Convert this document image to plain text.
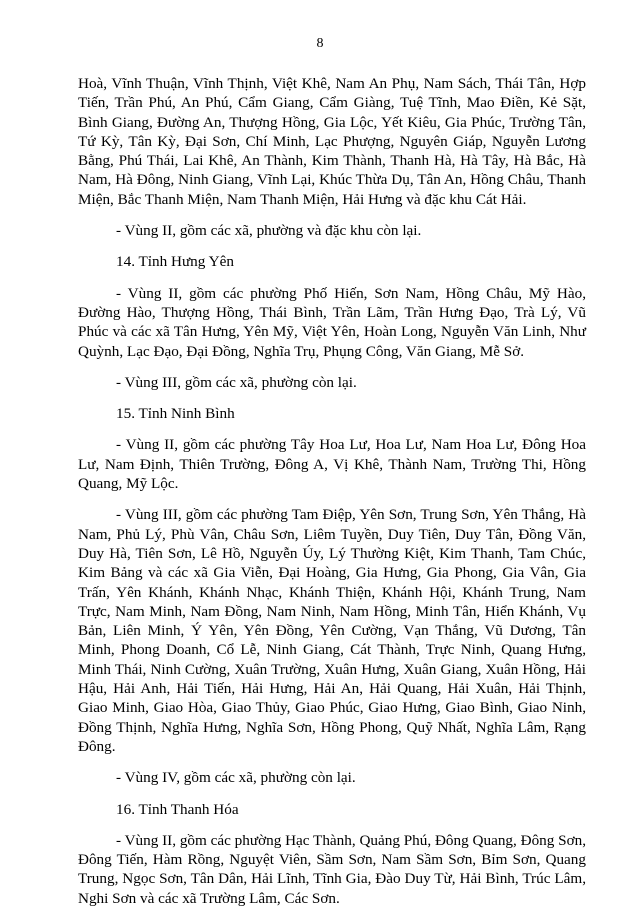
8

Hoà, Vĩnh Thuận, Vĩnh Thịnh, Việt Khê, Nam An Phụ, Nam Sách, Thái Tân, Hợp Tiến, Trần Phú, An Phú, Cẩm Giang, Cẩm Giàng, Tuệ Tĩnh, Mao Điền, Kẻ Sặt, Bình Giang, Đường An, Thượng Hồng, Gia Lộc, Yết Kiêu, Gia Phúc, Trường Tân, Tứ Kỳ, Tân Kỳ, Đại Sơn, Chí Minh, Lạc Phượng, Nguyên Giáp, Nguyễn Lương Bằng, Phú Thái, Lai Khê, An Thành, Kim Thành, Thanh Hà, Hà Tây, Hà Bắc, Hà Nam, Hà Đông, Ninh Giang, Vĩnh Lại, Khúc Thừa Dụ, Tân An, Hồng Châu, Thanh Miện, Bắc Thanh Miện, Nam Thanh Miện, Hải Hưng và đặc khu Cát Hải.

- Vùng II, gồm các xã, phường và đặc khu còn lại.

14. Tỉnh Hưng Yên

- Vùng II, gồm các phường Phố Hiến, Sơn Nam, Hồng Châu, Mỹ Hào, Đường Hào, Thượng Hồng, Thái Bình, Trần Lãm, Trần Hưng Đạo, Trà Lý, Vũ Phúc và các xã Tân Hưng, Yên Mỹ, Việt Yên, Hoàn Long, Nguyễn Văn Linh, Như Quỳnh, Lạc Đạo, Đại Đồng, Nghĩa Trụ, Phụng Công, Văn Giang, Mễ Sở.

- Vùng III, gồm các xã, phường còn lại.

15. Tỉnh Ninh Bình

- Vùng II, gồm các phường Tây Hoa Lư, Hoa Lư, Nam Hoa Lư, Đông Hoa Lư, Nam Định, Thiên Trường, Đông A, Vị Khê, Thành Nam, Trường Thi, Hồng Quang, Mỹ Lộc.

- Vùng III, gồm các phường Tam Điệp, Yên Sơn, Trung Sơn, Yên Thắng, Hà Nam, Phủ Lý, Phù Vân, Châu Sơn, Liêm Tuyền, Duy Tiên, Duy Tân, Đồng Văn, Duy Hà, Tiên Sơn, Lê Hồ, Nguyễn Úy, Lý Thường Kiệt, Kim Thanh, Tam Chúc, Kim Bảng và các xã Gia Viễn, Đại Hoàng, Gia Hưng, Gia Phong, Gia Vân, Gia Trấn, Yên Khánh, Khánh Nhạc, Khánh Thiện, Khánh Hội, Khánh Trung, Nam Trực, Nam Minh, Nam Đồng, Nam Ninh, Nam Hồng, Minh Tân, Hiển Khánh, Vụ Bản, Liên Minh, Ý Yên, Yên Đồng, Yên Cường, Vạn Thắng, Vũ Dương, Tân Minh, Phong Doanh, Cổ Lễ, Ninh Giang, Cát Thành, Trực Ninh, Quang Hưng, Minh Thái, Ninh Cường, Xuân Trường, Xuân Hưng, Xuân Giang, Xuân Hồng, Hải Hậu, Hải Anh, Hải Tiến, Hải Hưng, Hải An, Hải Quang, Hải Xuân, Hải Thịnh, Giao Minh, Giao Hòa, Giao Thủy, Giao Phúc, Giao Hưng, Giao Bình, Giao Ninh, Đồng Thịnh, Nghĩa Hưng, Nghĩa Sơn, Hồng Phong, Quỹ Nhất, Nghĩa Lâm, Rạng Đông.

- Vùng IV, gồm các xã, phường còn lại.

16. Tỉnh Thanh Hóa

- Vùng II, gồm các phường Hạc Thành, Quảng Phú, Đông Quang, Đông Sơn, Đông Tiến, Hàm Rồng, Nguyệt Viên, Sầm Sơn, Nam Sầm Sơn, Bỉm Sơn, Quang Trung, Ngọc Sơn, Tân Dân, Hải Lĩnh, Tĩnh Gia, Đào Duy Từ, Hải Bình, Trúc Lâm, Nghi Sơn và các xã Trường Lâm, Các Sơn.
